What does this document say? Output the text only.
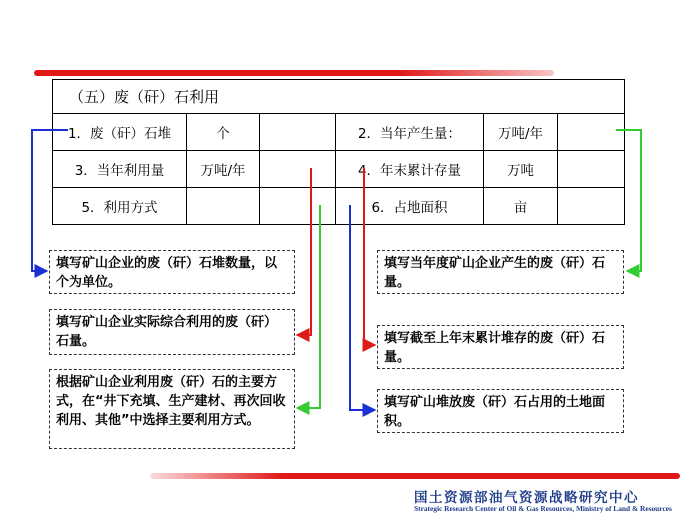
（五）废（矸）石利用					
1．废（矸）石堆	个		2．当年产生量：	万吨/年	
3．当年利用量	万吨/年		4．年末累计存量	万吨	
5．利用方式			6．占地面积	亩	
填写矿山企业的废（矸）石堆数量，以个为单位。
填写当年度矿山企业产生的废（矸）石量。
填写矿山企业实际综合利用的废（矸）石量。	填写截至上年末累计堆存的废（矸）石量。
根据矿山企业利用废（矸）石的主要方式，在“井下充填、生产建材、再次回收利用、其他”中选择主要利用方式。
填写矿山堆放废（矸）石占用的土地面积。
国土资源部油气资源战略研究中心
Strategic Research Center of Oil & Gas Resources, Ministry of Land & Resources
